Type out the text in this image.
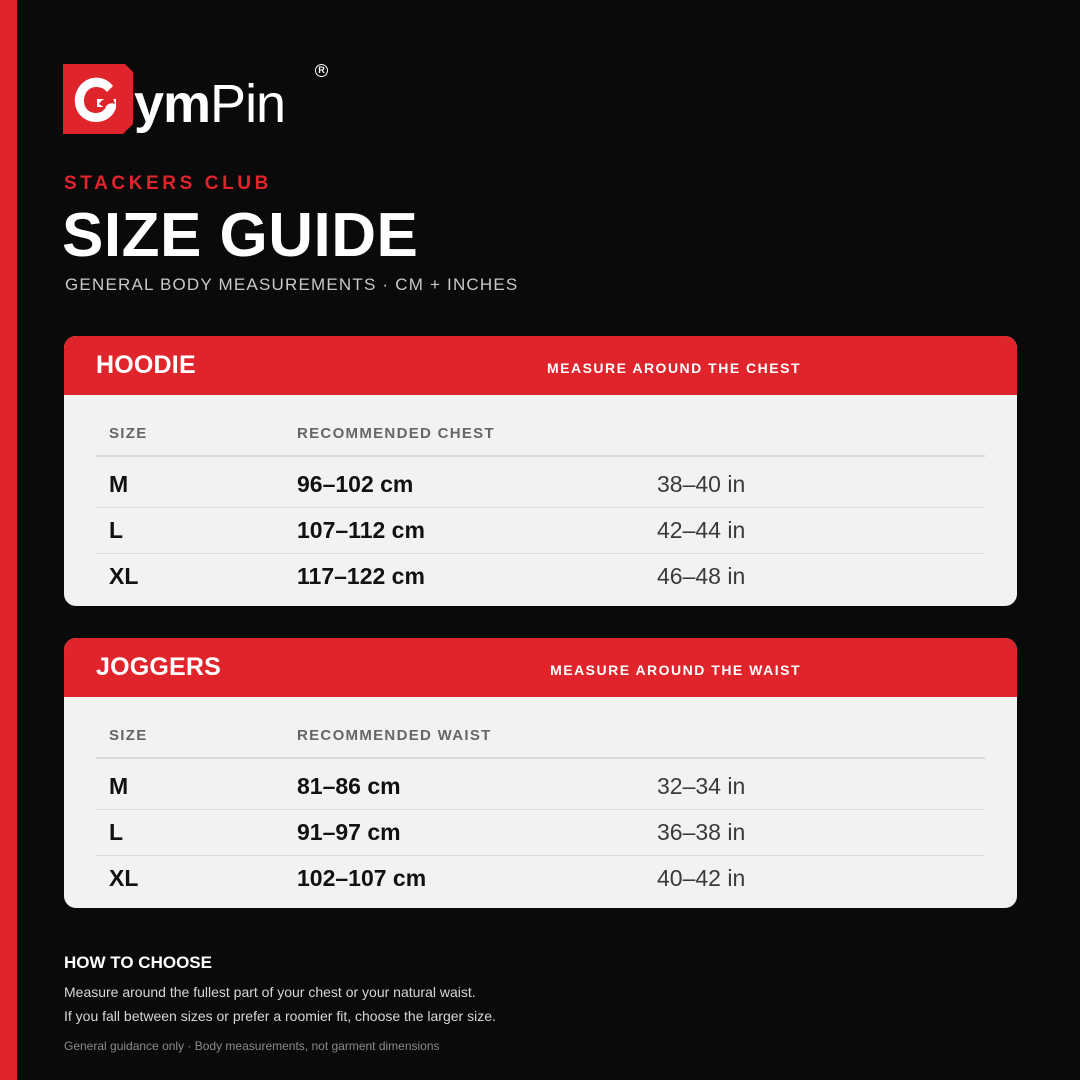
ymPin
R
STACKERS CLUB
SIZE GUIDE
GENERAL BODY MEASUREMENTS · CM + INCHES
HOODIE	MEASURE AROUND THE CHEST
SIZE	RECOMMENDED CHEST
M	96–102 cm	38–40 in
L	107–112 cm	42–44 in
XL	117–122 cm	46–48 in
JOGGERS	MEASURE AROUND THE WAIST
SIZE	RECOMMENDED WAIST
M	81–86 cm	32–34 in
L	91–97 cm	36–38 in
XL	102–107 cm	40–42 in
HOW TO CHOOSE
Measure around the fullest part of your chest or your natural waist.
If you fall between sizes or prefer a roomier fit, choose the larger size.
General guidance only · Body measurements, not garment dimensions
